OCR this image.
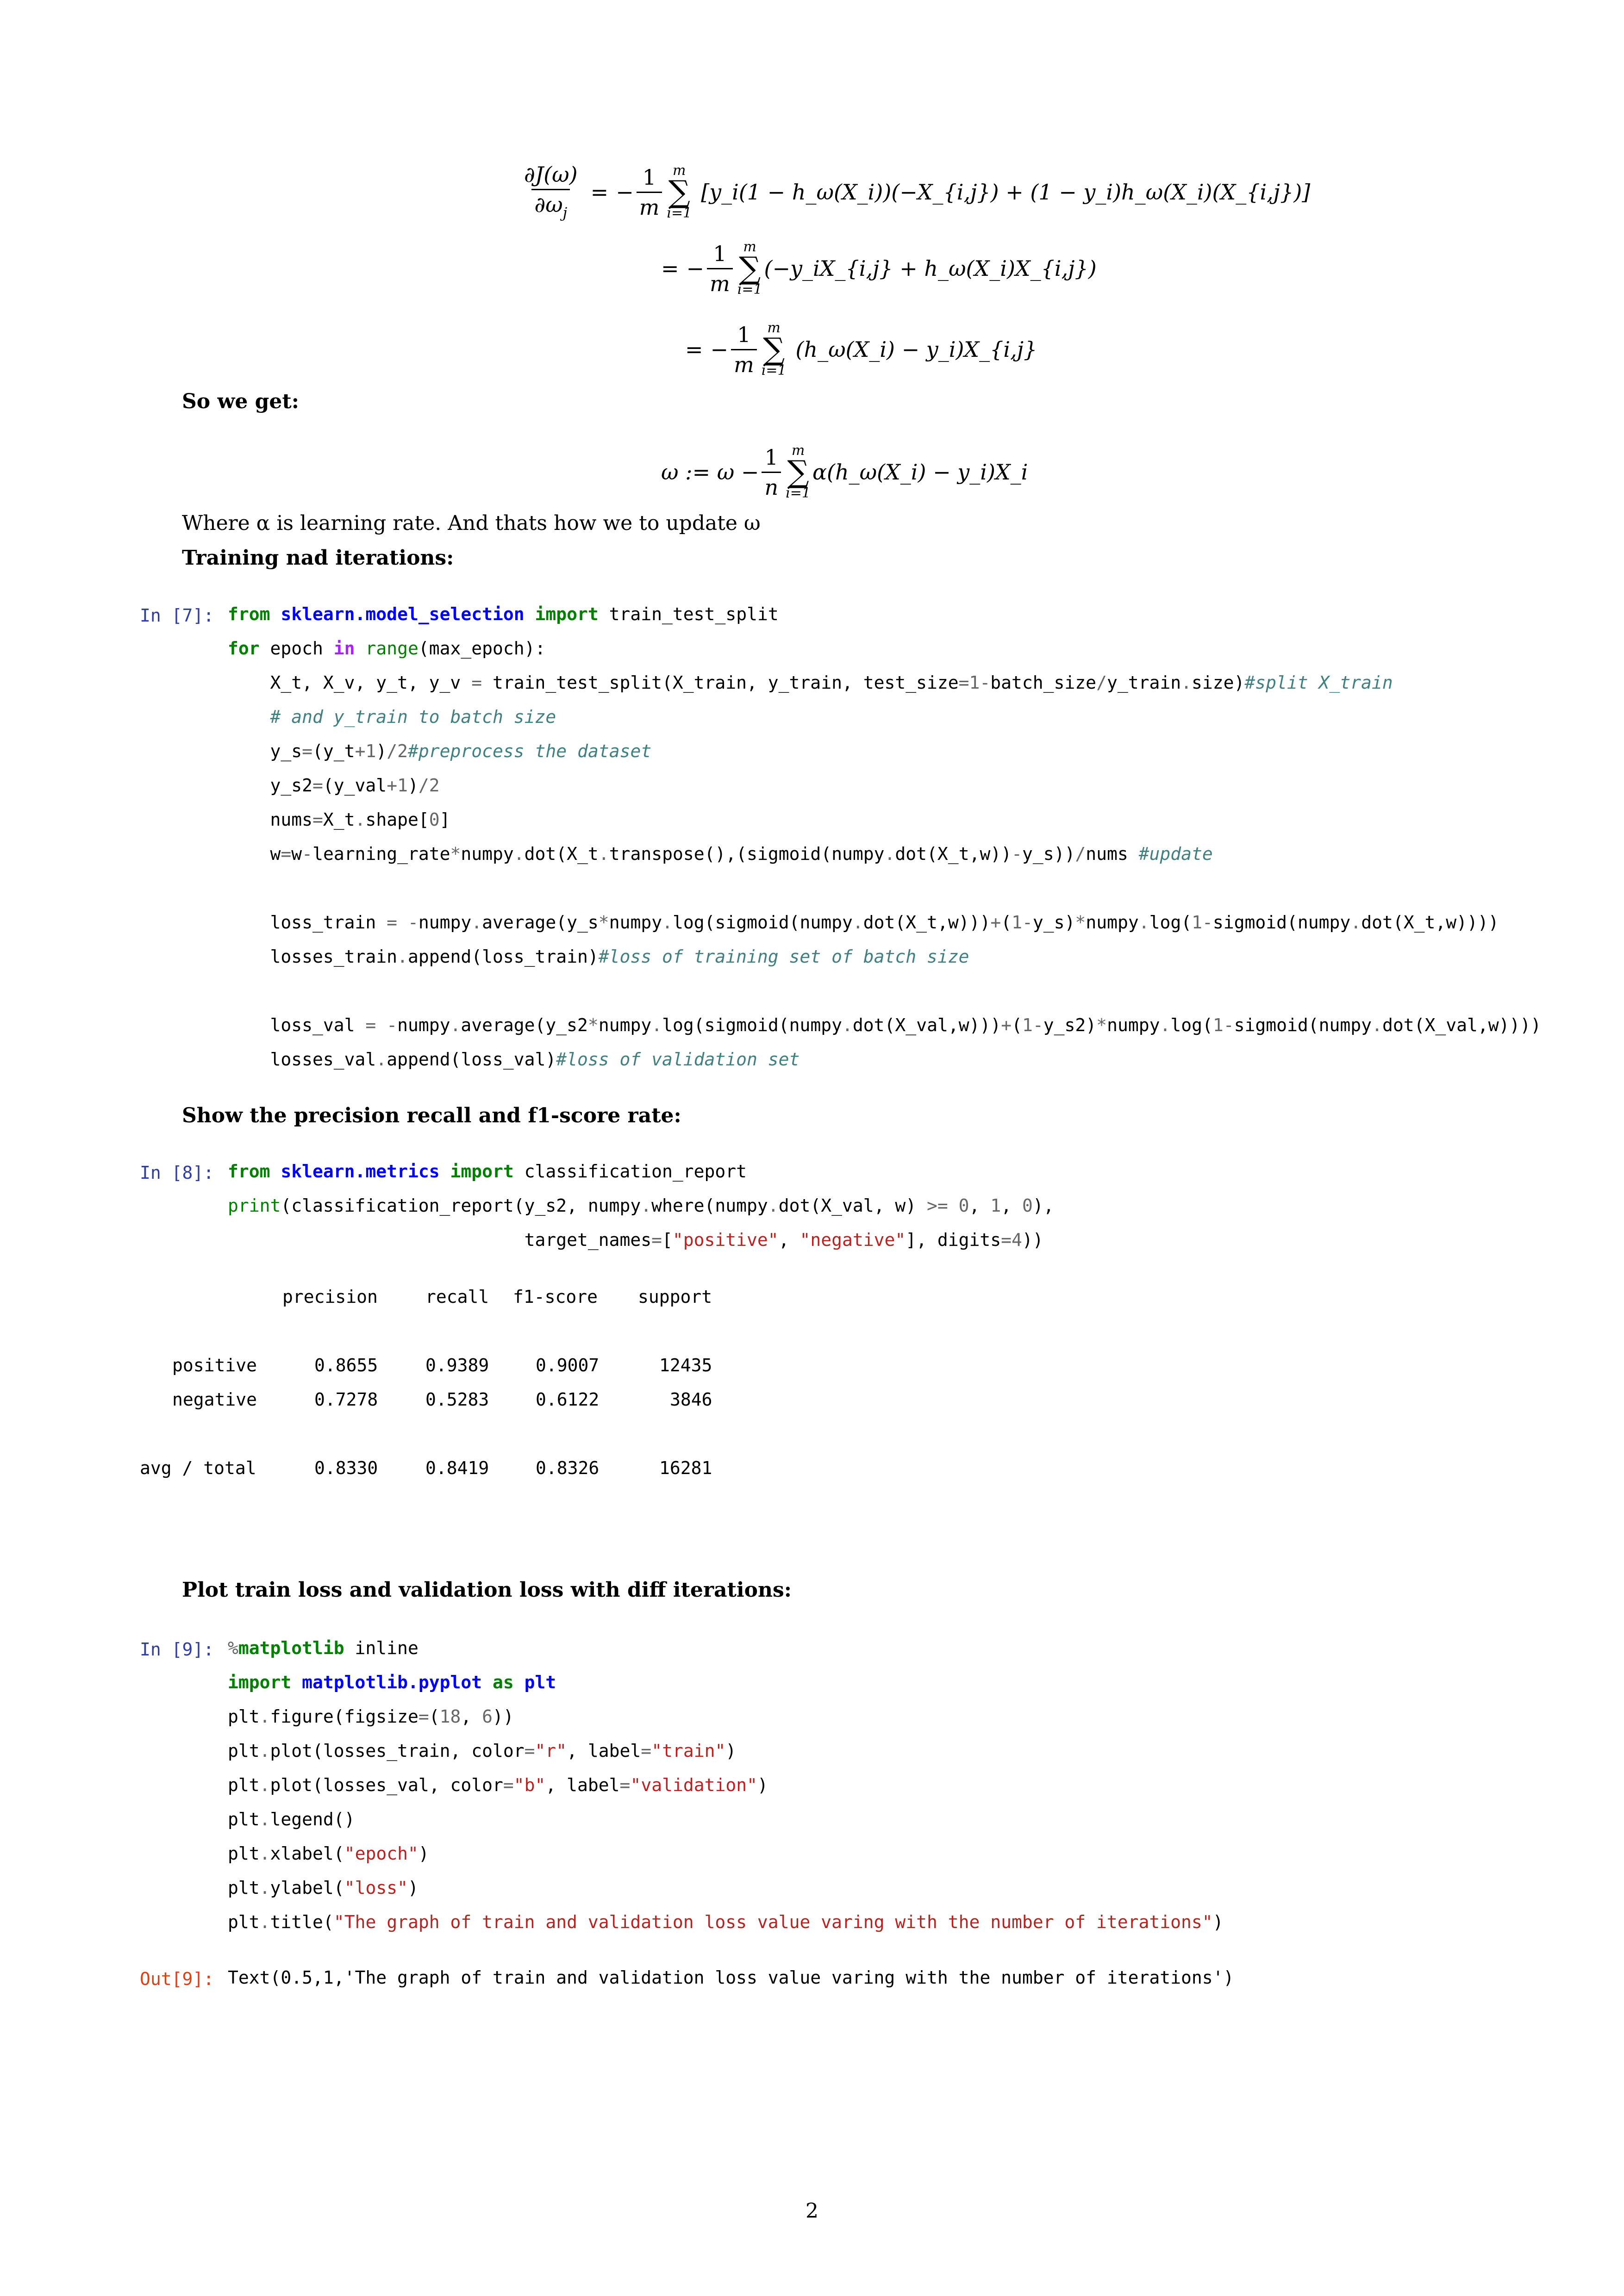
$\frac{\partial J(\omega)}{\partial\omega_j}$ = − $\frac{1}{m}$ m
∑
i=1
[y_i(1 − h_ω(X_i))(−X_{i,j}) + (1 − y_i)h_ω(X_i)(X_{i,j})]
= − $\frac{1}{m}$ m
∑
i=1
(−y_iX_{i,j} + h_ω(X_i)X_{i,j})
= − $\frac{1}{m}$ m
∑
i=1
(h_ω(X_i) − y_i)X_{i,j}
So we get:
ω := $\omega - \frac{1}{n}$ m
∑
i=1
α(h_ω(X_i) − y_i)X_i
Where α is learning rate. And thats how we to update ω
Training nad iterations:
In [7]: from sklearn.model_selection import train_test_split
for epoch in range(max_epoch):
X_t, X_v, y_t, y_v = train_test_split(X_train, y_train, test_size=1-batch_size/y_train.size)#split X_train
# and y_train to batch size
y_s=(y_t+1)/2#preprocess the dataset
y_s2=(y_val+1)/2
nums=X_t.shape[0]
w=w-learning_rate*numpy.dot(X_t.transpose(),(sigmoid(numpy.dot(X_t,w))-y_s))/nums #update

loss_train = -numpy.average(y_s*numpy.log(sigmoid(numpy.dot(X_t,w)))+(1-y_s)*numpy.log(1-sigmoid(numpy.dot(X_t,w))))
losses_train.append(loss_train)#loss of training set of batch size

loss_val = -numpy.average(y_s2*numpy.log(sigmoid(numpy.dot(X_val,w)))+(1-y_s2)*numpy.log(1-sigmoid(numpy.dot(X_val,w))))
losses_val.append(loss_val)#loss of validation set
Show the precision recall and f1-score rate:
In [8]: from sklearn.metrics import classification_report
print(classification_report(y_s2, numpy.where(numpy.dot(X_val, w) >= 0, 1, 0),
target_names=["positive", "negative"], digits=4))
precision	recall f1-score support
positive	0.8655	0.9389	0.9007	12435
negative	0.7278	0.5283	0.6122	3846
avg / total	0.8330	0.8419	0.8326	16281
Plot train loss and validation loss with diff iterations:
In [9]: %matplotlib inline
import matplotlib.pyplot as plt
plt.figure(figsize=(18, 6))
plt.plot(losses_train, color="r", label="train")
plt.plot(losses_val, color="b", label="validation")
plt.legend()
plt.xlabel("epoch")
plt.ylabel("loss")
plt.title("The graph of train and validation loss value varing with the number of iterations")
Out[9]: Text(0.5,1,'The graph of train and validation loss value varing with the number of iterations')
2
